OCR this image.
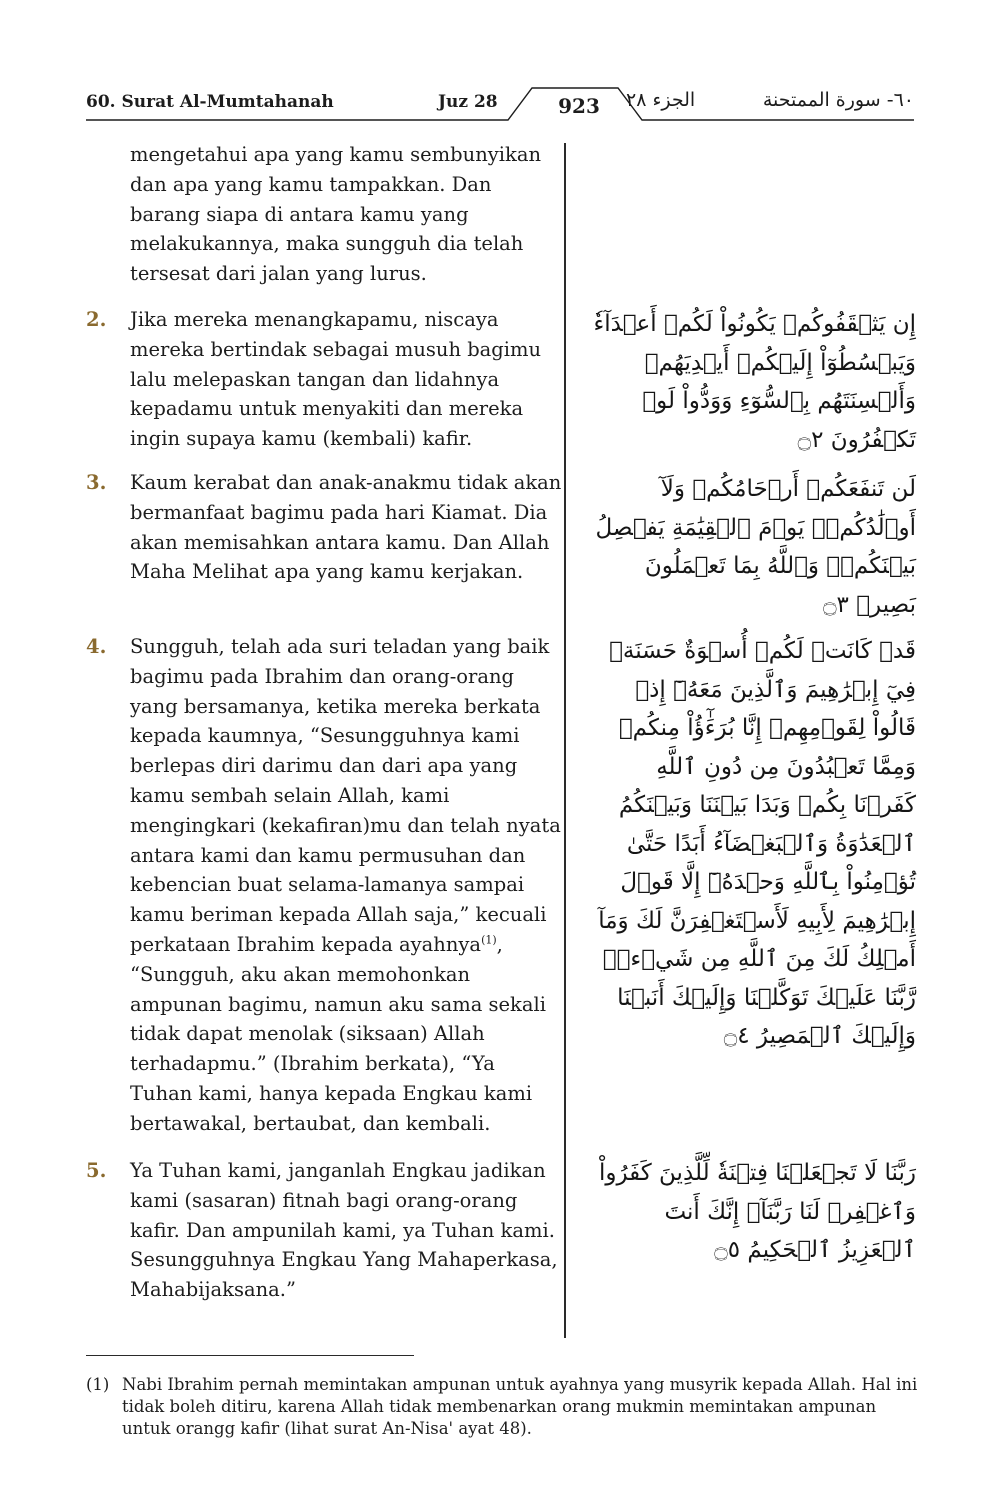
60. Surat Al-Mumtahanah	Juz 28	923	الجزء ٢٨	٦٠- سورة الممتحنة
mengetahui apa yang kamu sembunyikan dan apa yang kamu tampakkan. Dan barang siapa di antara kamu yang melakukannya, maka sungguh dia telah tersesat dari jalan yang lurus.
2. Jika mereka menangkapamu, niscaya mereka bertindak sebagai musuh bagimu lalu melepaskan tangan dan lidahnya kepadamu untuk menyakiti dan mereka ingin supaya kamu (kembali) kafir.
إِن يَثۡقَفُوكُمۡ يَكُونُواْ لَكُمۡ أَعۡدَآءٗ وَيَبۡسُطُوٓاْ إِلَيۡكُمۡ أَيۡدِيَهُمۡ وَأَلۡسِنَتَهُم بِٱلسُّوٓءِ وَوَدُّواْ لَوۡ تَكۡفُرُونَ ۝٢
3. Kaum kerabat dan anak-anakmu tidak akan bermanfaat bagimu pada hari Kiamat. Dia akan memisahkan antara kamu. Dan Allah Maha Melihat apa yang kamu kerjakan.
لَن تَنفَعَكُمۡ أَرۡحَامُكُمۡ وَلَآ أَوۡلَٰدُكُمۡۚ يَوۡمَ ٱلۡقِيَٰمَةِ يَفۡصِلُ بَيۡنَكُمۡۚ وَٱللَّهُ بِمَا تَعۡمَلُونَ بَصِيرٞ ۝٣
4. Sungguh, telah ada suri teladan yang baik bagimu pada Ibrahim dan orang-orang yang bersamanya, ketika mereka berkata kepada kaumnya, “Sesungguhnya kami berlepas diri darimu dan dari apa yang kamu sembah selain Allah, kami mengingkari (kekafiran)mu dan telah nyata antara kami dan kamu permusuhan dan kebencian buat selama-lamanya sampai kamu beriman kepada Allah saja,” kecuali perkataan Ibrahim kepada ayahnya$^{(1)}$, “Sungguh, aku akan memohonkan ampunan bagimu, namun aku sama sekali tidak dapat menolak (siksaan) Allah terhadapmu.” (Ibrahim berkata), “Ya Tuhan kami, hanya kepada Engkau kami bertawakal, bertaubat, dan kembali.
قَدۡ كَانَتۡ لَكُمۡ أُسۡوَةٌ حَسَنَةٞ فِيٓ إِبۡرَٰهِيمَ وَٱلَّذِينَ مَعَهُۥٓ إِذۡ قَالُواْ لِقَوۡمِهِمۡ إِنَّا بُرَءَٰٓؤُاْ مِنكُمۡ وَمِمَّا تَعۡبُدُونَ مِن دُونِ ٱللَّهِ كَفَرۡنَا بِكُمۡ وَبَدَا بَيۡنَنَا وَبَيۡنَكُمُ ٱلۡعَدَٰوَةُ وَٱلۡبَغۡضَآءُ أَبَدًا حَتَّىٰ تُؤۡمِنُواْ بِٱللَّهِ وَحۡدَهُۥٓ إِلَّا قَوۡلَ إِبۡرَٰهِيمَ لِأَبِيهِ لَأَسۡتَغۡفِرَنَّ لَكَ وَمَآ أَمۡلِكُ لَكَ مِنَ ٱللَّهِ مِن شَيۡءٖۖ رَّبَّنَا عَلَيۡكَ تَوَكَّلۡنَا وَإِلَيۡكَ أَنَبۡنَا وَإِلَيۡكَ ٱلۡمَصِيرُ ۝٤
5. Ya Tuhan kami, janganlah Engkau jadikan kami (sasaran) fitnah bagi orang-orang kafir. Dan ampunilah kami, ya Tuhan kami. Sesungguhnya Engkau Yang Mahaperkasa, Mahabijaksana.”
رَبَّنَا لَا تَجۡعَلۡنَا فِتۡنَةٗ لِّلَّذِينَ كَفَرُواْ وَٱغۡفِرۡ لَنَا رَبَّنَآۖ إِنَّكَ أَنتَ ٱلۡعَزِيزُ ٱلۡحَكِيمُ ۝٥
(1) Nabi Ibrahim pernah memintakan ampunan untuk ayahnya yang musyrik kepada Allah. Hal ini tidak boleh ditiru, karena Allah tidak membenarkan orang mukmin memintakan ampunan untuk orangg kafir (lihat surat An-Nisa' ayat 48).
